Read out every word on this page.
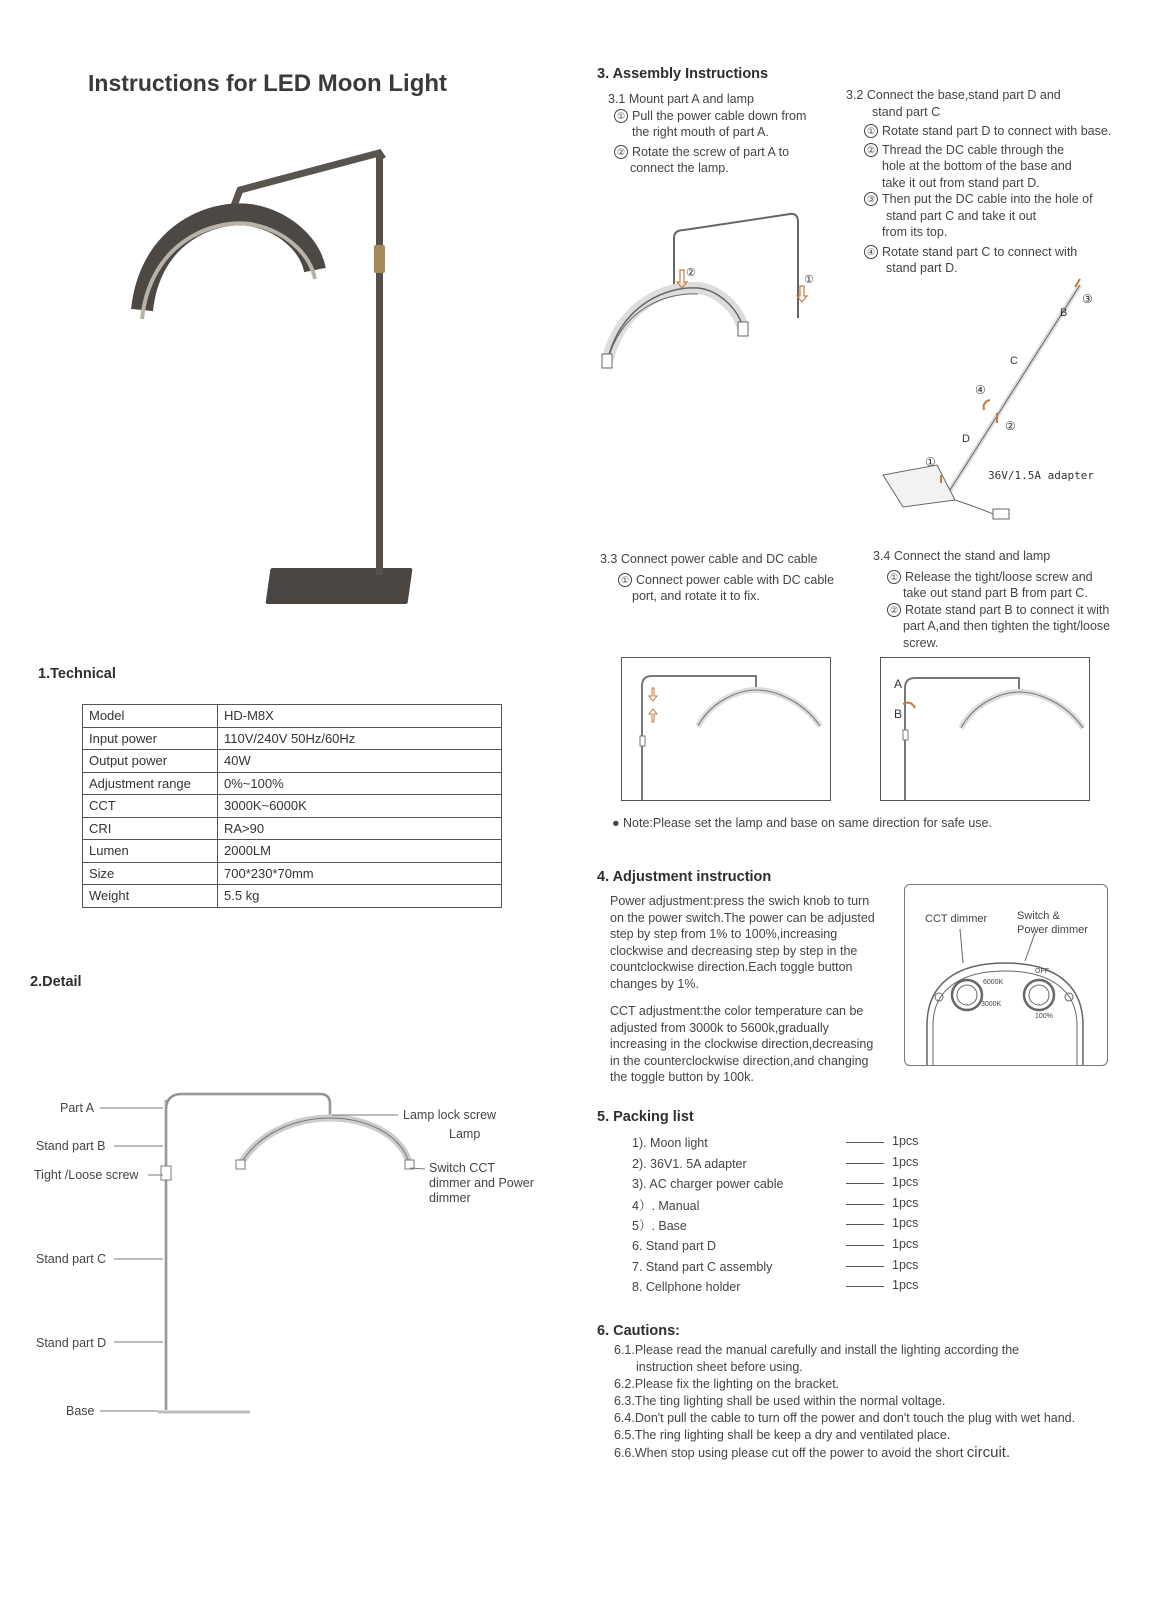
Instructions for LED Moon Light
1.Technical
Model	HD-M8X
Input power	110V/240V 50Hz/60Hz
Output power	40W
Adjustment range	0%~100%
CCT	3000K~6000K
CRI	RA>90
Lumen	2000LM
Size	700*230*70mm
Weight	5.5 kg
2.Detail
Part A
Stand part B
Tight /Loose screw
Stand part C
Stand part D
Base
Lamp lock screw
Lamp
Switch CCT
dimmer and Power
dimmer
3. Assembly Instructions
3.1 Mount part A and lamp
① Pull the power cable down from
the right mouth of part A.
② Rotate the screw of part A to
connect the lamp.
3.2 Connect the base,stand part D and
stand part C
① Rotate stand part D to connect with base.
② Thread the DC cable through the
hole at the bottom of the base and
take it out from stand part D.
③ Then put the DC cable into the hole of
stand part C and take it out
from its top.
④ Rotate stand part C to connect with
stand part D.
②
①
B
③
C
④
②
D
①
36V/1.5A adapter
3.3 Connect power cable and DC cable
① Connect power cable with DC cable
port, and rotate it to fix.
3.4 Connect the stand and lamp
① Release the tight/loose screw and
take out stand part B from part C.
② Rotate stand part B to connect it with
part A,and then tighten the tight/loose
screw.
A
B
● Note:Please set the lamp and base on same direction for safe use.
4. Adjustment instruction
Power adjustment:press the swich knob to turn
on the power switch.The power can be adjusted
step by step from 1% to 100%,increasing
clockwise and decreasing step by step in the
countclockwise direction.Each toggle button
changes by 1%.
CCT adjustment:the color temperature can be
adjusted from 3000k to 5600k,gradually
increasing in the clockwise direction,decreasing
in the counterclockwise direction,and changing
the toggle button by 100k.
CCT dimmer	Switch &
Power dimmer
6000K
3000K
OFF
100%
5. Packing list
1). Moon light	1pcs
2). 36V1. 5A adapter	1pcs
3). AC charger power cable	1pcs
4）. Manual	1pcs
5）. Base	1pcs
6. Stand part D	1pcs
7. Stand part C assembly	1pcs
8. Cellphone holder	1pcs
6. Cautions:
6.1.Please read the manual carefully and install the lighting according the
instruction sheet before using.
6.2.Please fix the lighting on the bracket.
6.3.The ting lighting shall be used within the normal voltage.
6.4.Don't pull the cable to turn off the power and don't touch the plug with wet hand.
6.5.The ring lighting shall be keep a dry and ventilated place.
6.6.When stop using please cut off the power to avoid the short circuit.
